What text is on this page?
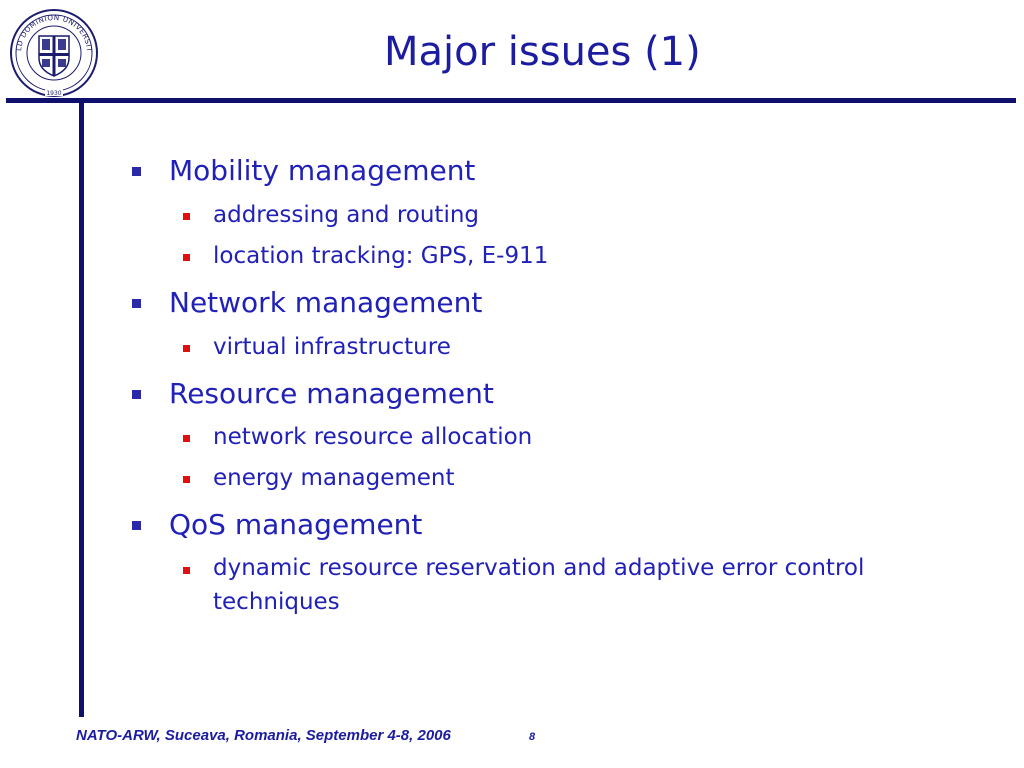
LD DOMINION UNIVERSIT
1930
Major issues (1)
Mobility management
addressing and routing
location tracking: GPS, E-911
Network management
virtual infrastructure
Resource management
network resource allocation
energy management
QoS management
dynamic resource reservation and adaptive error control
techniques
NATO-ARW, Suceava, Romania, September 4-8, 2006	8
